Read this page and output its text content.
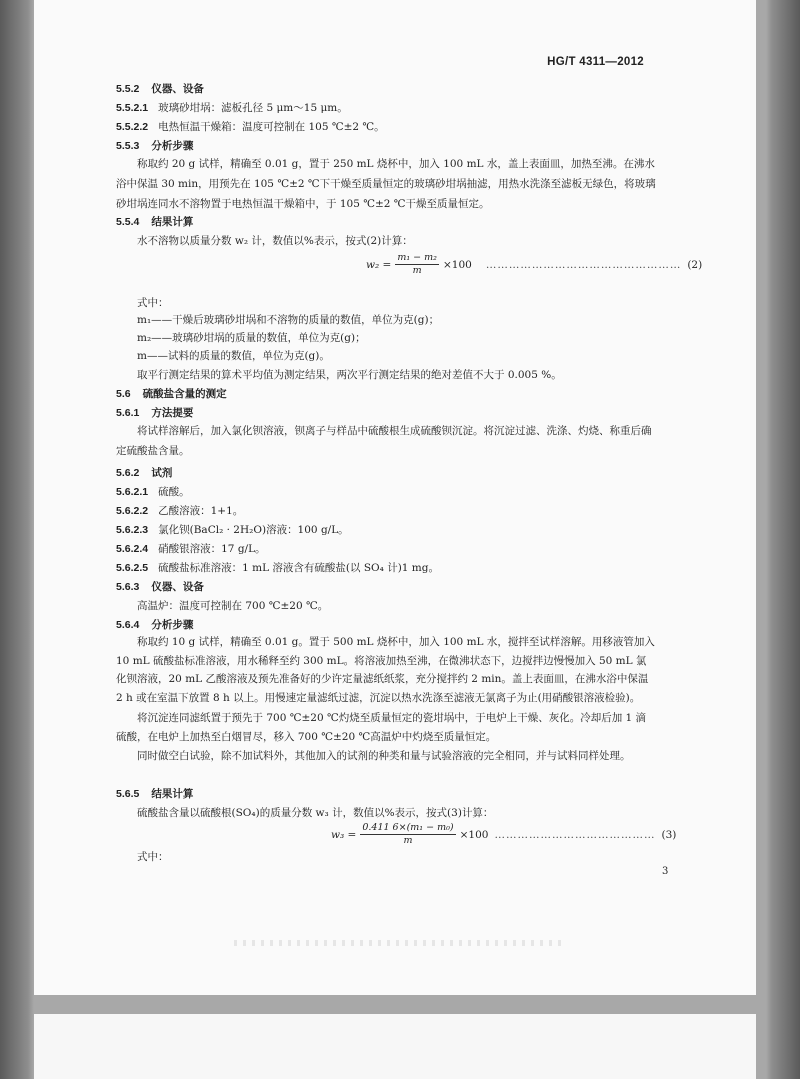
HG/T 4311—2012
5.5.2 仪器、设备
5.5.2.1 玻璃砂坩埚：滤板孔径 5 μm～15 μm。
5.5.2.2 电热恒温干燥箱：温度可控制在 105 ℃±2 ℃。
5.5.3 分析步骤
称取约 20 g 试样，精确至 0.01 g，置于 250 mL 烧杯中，加入 100 mL 水，盖上表面皿，加热至沸。在沸水浴中保温 30 min，用预先在 105 ℃±2 ℃下干燥至质量恒定的玻璃砂坩埚抽滤，用热水洗涤至滤板无绿色，将玻璃砂坩埚连同水不溶物置于电热恒温干燥箱中，于 105 ℃±2 ℃干燥至质量恒定。
5.5.4 结果计算
水不溶物以质量分数 w₂ 计，数值以%表示，按式(2)计算：
$w_2 = \frac{\text{m₁ − m₂}}{m} \times 100$ …………………………………………… (2)
式中：
m₁——干燥后玻璃砂坩埚和不溶物的质量的数值，单位为克(g)；
m₂——玻璃砂坩埚的质量的数值，单位为克(g)；
m——试料的质量的数值，单位为克(g)。
取平行测定结果的算术平均值为测定结果，两次平行测定结果的绝对差值不大于 0.005 %。
5.6 硫酸盐含量的测定
5.6.1 方法提要
将试样溶解后，加入氯化钡溶液，钡离子与样品中硫酸根生成硫酸钡沉淀。将沉淀过滤、洗涤、灼烧、称重后确定硫酸盐含量。
5.6.2 试剂
5.6.2.1 硫酸。
5.6.2.2 乙酸溶液：1+1。
5.6.2.3 氯化钡(BaCl₂ · 2H₂O)溶液：100 g/L。
5.6.2.4 硝酸银溶液：17 g/L。
5.6.2.5 硫酸盐标准溶液：1 mL 溶液含有硫酸盐(以 SO₄ 计)1 mg。
5.6.3 仪器、设备
高温炉：温度可控制在 700 ℃±20 ℃。
5.6.4 分析步骤
称取约 10 g 试样，精确至 0.01 g。置于 500 mL 烧杯中，加入 100 mL 水，搅拌至试样溶解。用移液管加入 10 mL 硫酸盐标准溶液，用水稀释至约 300 mL。将溶液加热至沸，在微沸状态下，边搅拌边慢慢加入 50 mL 氯化钡溶液，20 mL 乙酸溶液及预先准备好的少许定量滤纸纸浆，充分搅拌约 2 min。盖上表面皿，在沸水浴中保温 2 h 或在室温下放置 8 h 以上。用慢速定量滤纸过滤，沉淀以热水洗涤至滤液无氯离子为止(用硝酸银溶液检验)。
将沉淀连同滤纸置于预先于 700 ℃±20 ℃灼烧至质量恒定的瓷坩埚中，于电炉上干燥、灰化。冷却后加 1 滴硫酸，在电炉上加热至白烟冒尽，移入 700 ℃±20 ℃高温炉中灼烧至质量恒定。
同时做空白试验，除不加试料外，其他加入的试剂的种类和量与试验溶液的完全相同，并与试料同样处理。
5.6.5 结果计算
硫酸盐含量以硫酸根(SO₄)的质量分数 w₃ 计，数值以%表示，按式(3)计算：
$w_3 = \frac{\text{0.411 6×(m₁ − m₀)}}{m} \times 100$ …………………………………… (3)
式中：
3
